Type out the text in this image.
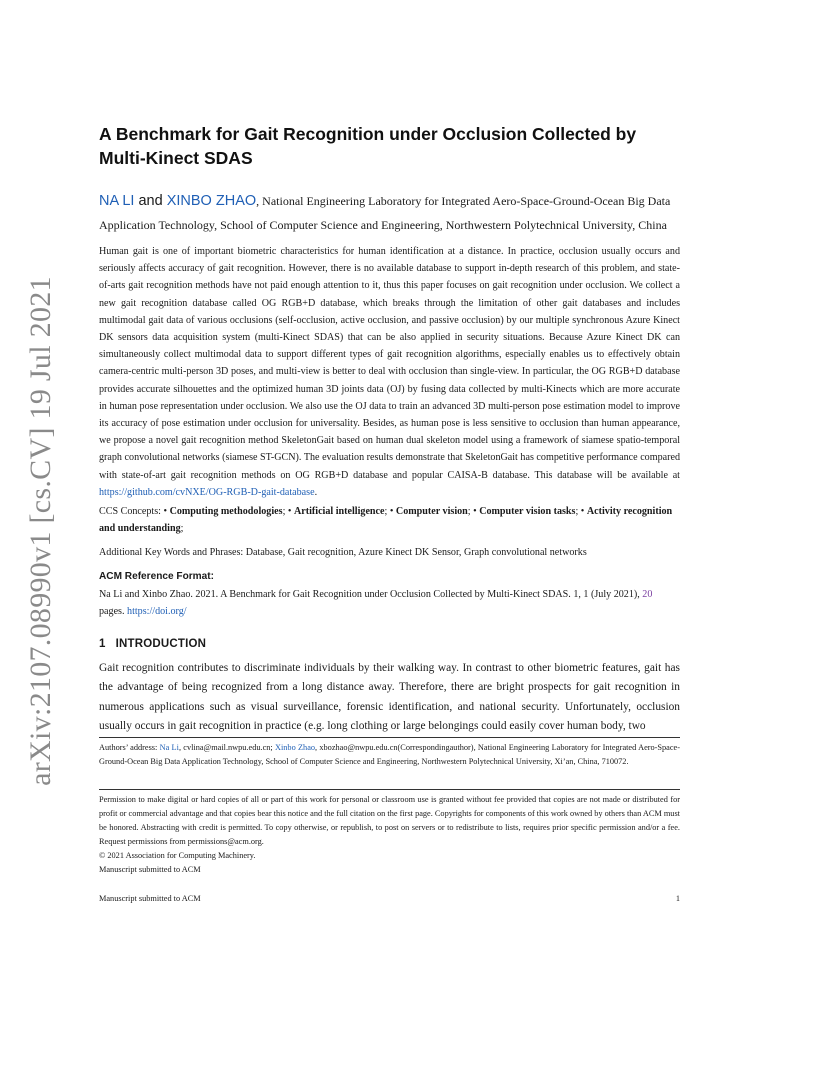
arXiv:2107.08990v1 [cs.CV] 19 Jul 2021
A Benchmark for Gait Recognition under Occlusion Collected by
Multi-Kinect SDAS
NA LI and XINBO ZHAO, National Engineering Laboratory for Integrated Aero-Space-Ground-Ocean Big Data
Application Technology, School of Computer Science and Engineering, Northwestern Polytechnical University, China
Human gait is one of important biometric characteristics for human identification at a distance. In practice, occlusion usually occurs and seriously affects accuracy of gait recognition. However, there is no available database to support in-depth research of this problem, and state-of-arts gait recognition methods have not paid enough attention to it, thus this paper focuses on gait recognition under occlusion. We collect a new gait recognition database called OG RGB+D database, which breaks through the limitation of other gait databases and includes multimodal gait data of various occlusions (self-occlusion, active occlusion, and passive occlusion) by our multiple synchronous Azure Kinect DK sensors data acquisition system (multi-Kinect SDAS) that can be also applied in security situations. Because Azure Kinect DK can simultaneously collect multimodal data to support different types of gait recognition algorithms, especially enables us to effectively obtain camera-centric multi-person 3D poses, and multi-view is better to deal with occlusion than single-view. In particular, the OG RGB+D database provides accurate silhouettes and the optimized human 3D joints data (OJ) by fusing data collected by multi-Kinects which are more accurate in human pose representation under occlusion. We also use the OJ data to train an advanced 3D multi-person pose estimation model to improve its accuracy of pose estimation under occlusion for universality. Besides, as human pose is less sensitive to occlusion than human appearance, we propose a novel gait recognition method SkeletonGait based on human dual skeleton model using a framework of siamese spatio-temporal graph convolutional networks (siamese ST-GCN). The evaluation results demonstrate that SkeletonGait has competitive performance compared with state-of-art gait recognition methods on OG RGB+D database and popular CAISA-B database. This database will be available at https://github.com/cvNXE/OG-RGB-D-gait-database.
CCS Concepts: • Computing methodologies; • Artificial intelligence; • Computer vision; • Computer vision tasks; • Activity recognition and understanding;
Additional Key Words and Phrases: Database, Gait recognition, Azure Kinect DK Sensor, Graph convolutional networks
ACM Reference Format:
Na Li and Xinbo Zhao. 2021. A Benchmark for Gait Recognition under Occlusion Collected by Multi-Kinect SDAS. 1, 1 (July 2021), 20 pages. https://doi.org/
1 INTRODUCTION
Gait recognition contributes to discriminate individuals by their walking way. In contrast to other biometric features, gait has the advantage of being recognized from a long distance away. Therefore, there are bright prospects for gait recognition in numerous applications such as visual surveillance, forensic identification, and national security. Unfortunately, occlusion usually occurs in gait recognition in practice (e.g. long clothing or large belongings could easily cover human body, two
Authors’ address: Na Li, cvlina@mail.nwpu.edu.cn; Xinbo Zhao, xbozhao@nwpu.edu.cn(Correspondingauthor), National Engineering Laboratory for Integrated Aero-Space-Ground-Ocean Big Data Application Technology, School of Computer Science and Engineering, Northwestern Polytechnical University, Xi’an, China, 710072.
Permission to make digital or hard copies of all or part of this work for personal or classroom use is granted without fee provided that copies are not made or distributed for profit or commercial advantage and that copies bear this notice and the full citation on the first page. Copyrights for components of this work owned by others than ACM must be honored. Abstracting with credit is permitted. To copy otherwise, or republish, to post on servers or to redistribute to lists, requires prior specific permission and/or a fee. Request permissions from permissions@acm.org.
© 2021 Association for Computing Machinery.
Manuscript submitted to ACM
Manuscript submitted to ACM	1
